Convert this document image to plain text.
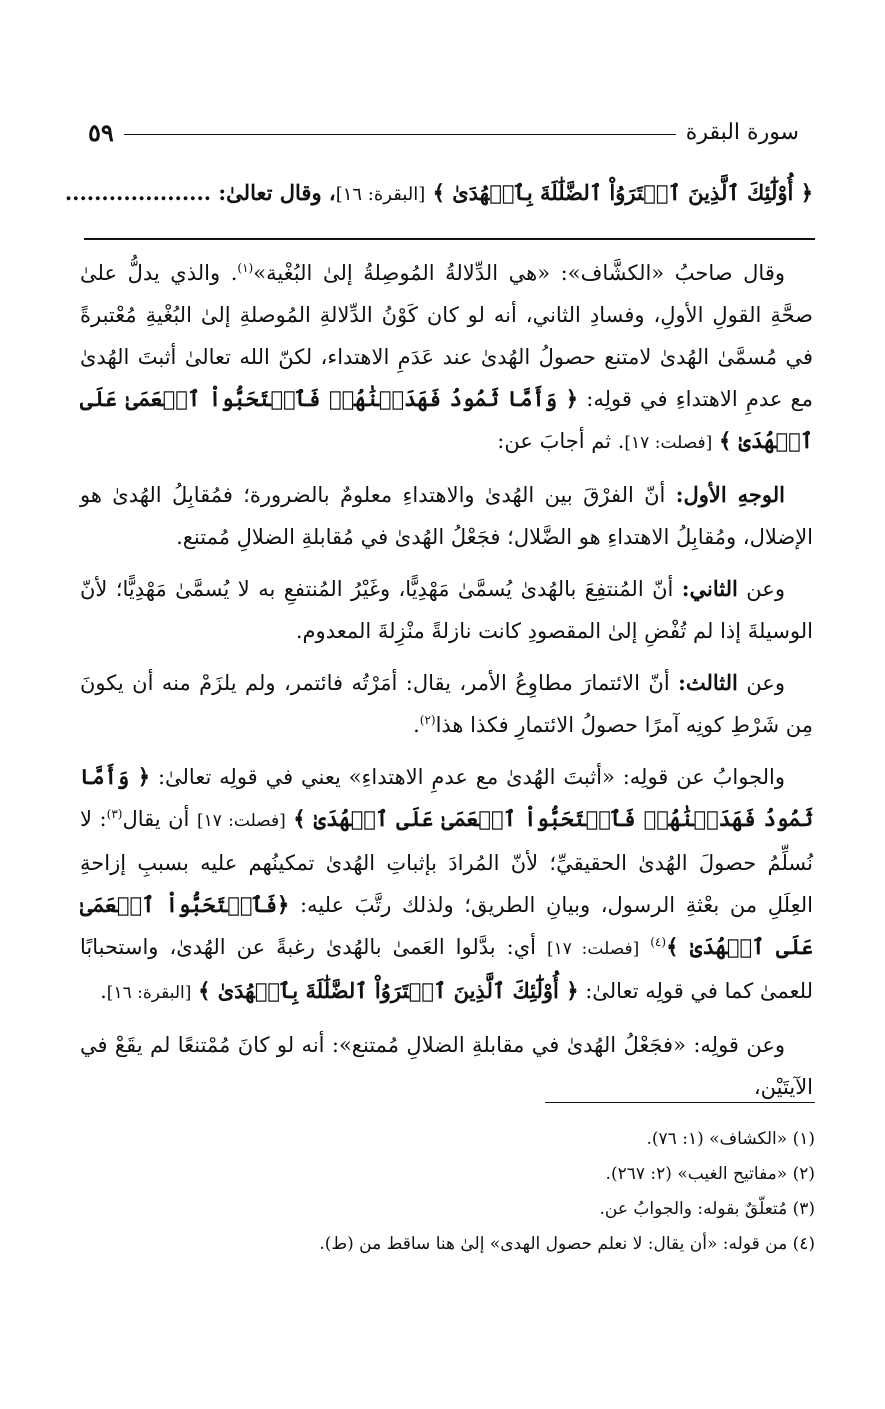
سورة البقرة
٥٩
﴿ أُوْلَٰٓئِكَ ٱلَّذِينَ ٱشۡتَرَوُاْ ٱلضَّلَٰلَةَ بِٱلۡهُدَىٰ ﴾ [البقرة: ١٦]، وقال تعالىٰ: ....................

وقال صاحبُ «الكشَّاف»: «هي الدِّلالةُ المُوصِلةُ إلىٰ البُغْية»$^{(١)}$. والذي يدلُّ علىٰ صحَّةِ القولِ الأولِ، وفسادِ الثاني، أنه لو كان كَوْنُ الدِّلالةِ المُوصلةِ إلىٰ البُغْيةِ مُعْتبرةً في مُسمَّىٰ الهُدىٰ لامتنع حصولُ الهُدىٰ عند عَدَمِ الاهتداء، لكنّ الله تعالىٰ أثبتَ الهُدىٰ مع عدمِ الاهتداءِ في قولِه: ﴿ وَأَمَّا ثَمُودُ فَهَدَيۡنَٰهُمۡ فَٱسۡتَحَبُّواْ ٱلۡعَمَىٰ عَلَى ٱلۡهُدَىٰ ﴾ [فصلت: ١٧]. ثم أجابَ عن:

الوجهِ الأول: أنّ الفرْقَ بين الهُدىٰ والاهتداءِ معلومٌ بالضرورة؛ فمُقابِلُ الهُدىٰ هو الإضلال، ومُقابِلُ الاهتداءِ هو الضَّلال؛ فجَعْلُ الهُدىٰ في مُقابلةِ الضلالِ مُمتنع.

وعن الثاني: أنّ المُنتفِعَ بالهُدىٰ يُسمَّىٰ مَهْدِيًّا، وغَيْرُ المُنتفعِ به لا يُسمَّىٰ مَهْدِيًّا؛ لأنّ الوسيلةَ إذا لم تُفْضِ إلىٰ المقصودِ كانت نازلةً منْزِلةَ المعدوم.

وعن الثالث: أنّ الائتمارَ مطاوِعُ الأمر، يقال: أمَرْتُه فائتمر، ولم يلزَمْ منه أن يكونَ مِن شَرْطِ كونِه آمرًا حصولُ الائتمارِ فكذا هذا$^{(٢)}$.

والجوابُ عن قولِه: «أثبتَ الهُدىٰ مع عدمِ الاهتداءِ» يعني في قولِه تعالىٰ: ﴿ وَأَمَّا ثَمُودُ فَهَدَيۡنَٰهُمۡ فَٱسۡتَحَبُّواْ ٱلۡعَمَىٰ عَلَى ٱلۡهُدَىٰ ﴾ [فصلت: ١٧] أن يقال$^{(٣)}$: لا نُسلِّمُ حصولَ الهُدىٰ الحقيقيِّ؛ لأنّ المُرادَ بإثباتِ الهُدىٰ تمكينُهم عليه بسببِ إزاحةِ العِلَلِ من بعْثةِ الرسول، وبيانِ الطريق؛ ولذلك رتَّبَ عليه: ﴿فَٱسۡتَحَبُّواْ ٱلۡعَمَىٰ عَلَى ٱلۡهُدَىٰ ﴾$^{(٤)}$ [فصلت: ١٧] أي: بدَّلوا العَمىٰ بالهُدىٰ رغبةً عن الهُدىٰ، واستحبابًا للعمىٰ كما في قولِه تعالىٰ: ﴿ أُوْلَٰٓئِكَ ٱلَّذِينَ ٱشۡتَرَوُاْ ٱلضَّلَٰلَةَ بِٱلۡهُدَىٰ ﴾ [البقرة: ١٦].

وعن قولِه: «فجَعْلُ الهُدىٰ في مقابلةِ الضلالِ مُمتنع»: أنه لو كانَ مُمْتنعًا لم يقَعْ في الآيتَيْن،

(١) «الكشاف» (١: ٧٦).

(٢) «مفاتيح الغيب» (٢: ٢٦٧).

(٣) مُتعلّقٌ بقوله: والجوابُ عن.

(٤) من قوله: «أن يقال: لا نعلم حصول الهدى» إلىٰ هنا ساقط من (ط).
